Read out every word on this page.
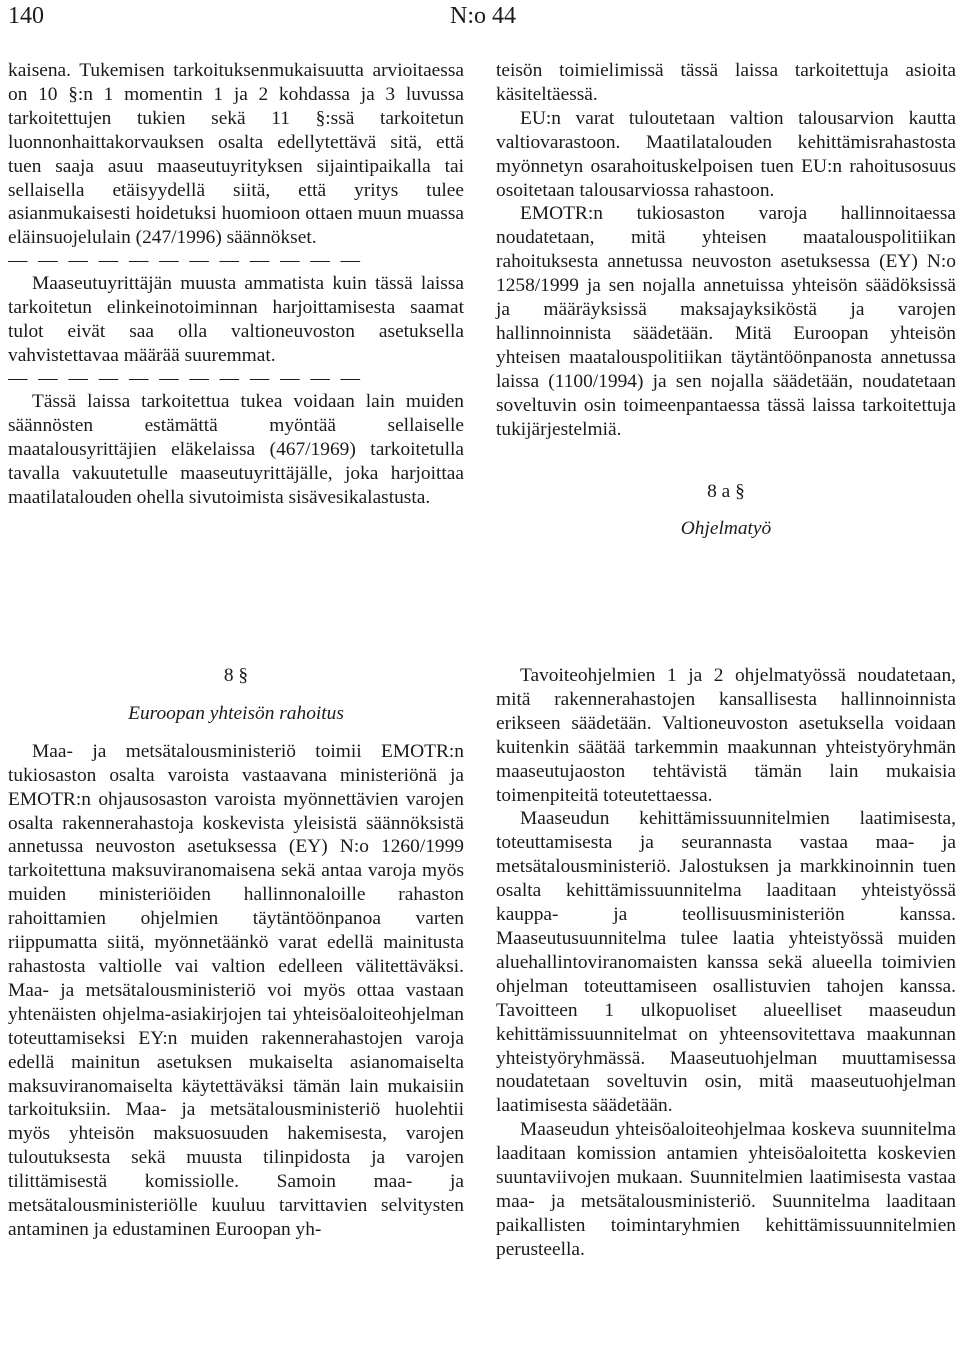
140	N:o 44

kaisena. Tukemisen tarkoituksenmukaisuutta arvioitaessa on 10 §:n 1 momentin 1 ja 2 kohdassa ja 3 luvussa tarkoitettujen tukien sekä 11 §:ssä tarkoitetun luonnonhaittakorvauksen osalta edellytettävä sitä, että tuen saaja asuu maaseutuyrityksen sijaintipaikalla tai sellaisella etäisyydellä siitä, että yritys tulee asianmukaisesti hoidetuksi huomioon ottaen muun muassa eläinsuojelulain (247/1996) säännökset.

— — — — — — — — — — — —

Maaseutuyrittäjän muusta ammatista kuin tässä laissa tarkoitetun elinkeinotoiminnan harjoittamisesta saamat tulot eivät saa olla valtioneuvoston asetuksella vahvistettavaa määrää suuremmat.

— — — — — — — — — — — —

Tässä laissa tarkoitettua tukea voidaan lain muiden säännösten estämättä myöntää sellaiselle maatalousyrittäjien eläkelaissa (467/1969) tarkoitetulla tavalla vakuutetulle maaseutuyrittäjälle, joka harjoittaa maatilatalouden ohella sivutoimista sisävesikalastusta.

teisön toimielimissä tässä laissa tarkoitettuja asioita käsiteltäessä.

EU:n varat tuloutetaan valtion talousarvion kautta valtiovarastoon. Maatilatalouden kehittämisrahastosta myönnetyn osarahoituskelpoisen tuen EU:n rahoitusosuus osoitetaan talousarviossa rahastoon.

EMOTR:n tukiosaston varoja hallinnoitaessa noudatetaan, mitä yhteisen maatalouspolitiikan rahoituksesta annetussa neuvoston asetuksessa (EY) N:o 1258/1999 ja sen nojalla annetuissa yhteisön säädöksissä ja määräyksissä maksajayksiköstä ja varojen hallinnoinnista säädetään. Mitä Euroopan yhteisön yhteisen maatalouspolitiikan täytäntöönpanosta annetussa laissa (1100/1994) ja sen nojalla säädetään, noudatetaan soveltuvin osin toimeenpantaessa tässä laissa tarkoitettuja tukijärjestelmiä.

8 a §

Ohjelmatyö

8 §

Euroopan yhteisön rahoitus

Maa- ja metsätalousministeriö toimii EMOTR:n tukiosaston osalta varoista vastaavana ministeriönä ja EMOTR:n ohjausosaston varoista myönnettävien varojen osalta rakennerahastoja koskevista yleisistä säännöksistä annetussa neuvoston asetuksessa (EY) N:o 1260/1999 tarkoitettuna maksuviranomaisena sekä antaa varoja myös muiden ministeriöiden hallinnonaloille rahaston rahoittamien ohjelmien täytäntöönpanoa varten riippumatta siitä, myönnetäänkö varat edellä mainitusta rahastosta valtiolle vai valtion edelleen välitettäväksi. Maa- ja metsätalousministeriö voi myös ottaa vastaan yhtenäisten ohjelma-asiakirjojen tai yhteisöaloiteohjelman toteuttamiseksi EY:n muiden rakennerahastojen varoja edellä mainitun asetuksen mukaiselta asianomaiselta maksuviranomaiselta käytettäväksi tämän lain mukaisiin tarkoituksiin. Maa- ja metsätalousministeriö huolehtii myös yhteisön maksuosuuden hakemisesta, varojen tuloutuksesta sekä muusta tilinpidosta ja varojen tilittämisestä komissiolle. Samoin maa- ja metsätalousministeriölle kuuluu tarvittavien selvitysten antaminen ja edustaminen Euroopan yh-

Tavoiteohjelmien 1 ja 2 ohjelmatyössä noudatetaan, mitä rakennerahastojen kansallisesta hallinnoinnista erikseen säädetään. Valtioneuvoston asetuksella voidaan kuitenkin säätää tarkemmin maakunnan yhteistyöryhmän maaseutujaoston tehtävistä tämän lain mukaisia toimenpiteitä toteutettaessa.

Maaseudun kehittämissuunnitelmien laatimisesta, toteuttamisesta ja seurannasta vastaa maa- ja metsätalousministeriö. Jalostuksen ja markkinoinnin tuen osalta kehittämissuunnitelma laaditaan yhteistyössä kauppa- ja teollisuusministeriön kanssa. Maaseutusuunnitelma tulee laatia yhteistyössä muiden aluehallintoviranomaisten kanssa sekä alueella toimivien ohjelman toteuttamiseen osallistuvien tahojen kanssa. Tavoitteen 1 ulkopuoliset alueelliset maaseudun kehittämissuunnitelmat on yhteensovitettava maakunnan yhteistyöryhmässä. Maaseutuohjelman muuttamisessa noudatetaan soveltuvin osin, mitä maaseutuohjelman laatimisesta säädetään.

Maaseudun yhteisöaloiteohjelmaa koskeva suunnitelma laaditaan komission antamien yhteisöaloitetta koskevien suuntaviivojen mukaan. Suunnitelmien laatimisesta vastaa maa- ja metsätalousministeriö. Suunnitelma laaditaan paikallisten toimintaryhmien kehittämissuunnitelmien perusteella.
